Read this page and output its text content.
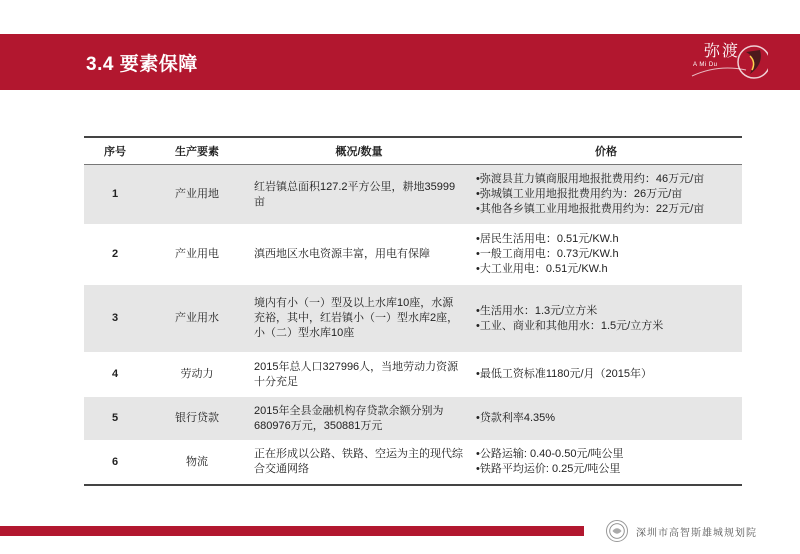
3.4 要素保障
弥渡
A Mi Du
序号	生产要素	概况/数量	价格
1	产业用地	红岩镇总面积127.2平方公里，耕地35999亩	•弥渡县苴力镇商服用地报批费用约：46万元/亩
•弥城镇工业用地报批费用约为：26万元/亩
•其他各乡镇工业用地报批费用约为：22万元/亩

2	产业用电	滇西地区水电资源丰富，用电有保障	•居民生活用电：0.51元/KW.h
•一般工商用电：0.73元/KW.h
•大工业用电：0.51元/KW.h

3	产业用水	境内有小（一）型及以上水库10座，水源充裕，其中，红岩镇小（一）型水库2座，小（二）型水库10座	•生活用水：1.3元/立方米
•工业、商业和其他用水：1.5元/立方米

4	劳动力	2015年总人口327996人，当地劳动力资源十分充足	•最低工资标准1180元/月（2015年）

5	银行贷款	2015年全县金融机构存贷款余额分别为680976万元，350881万元	•贷款利率4.35%

6	物流	正在形成以公路、铁路、空运为主的现代综合交通网络	•公路运输: 0.40-0.50元/吨公里
•铁路平均运价: 0.25元/吨公里
深圳市高智斯雄城规划院
